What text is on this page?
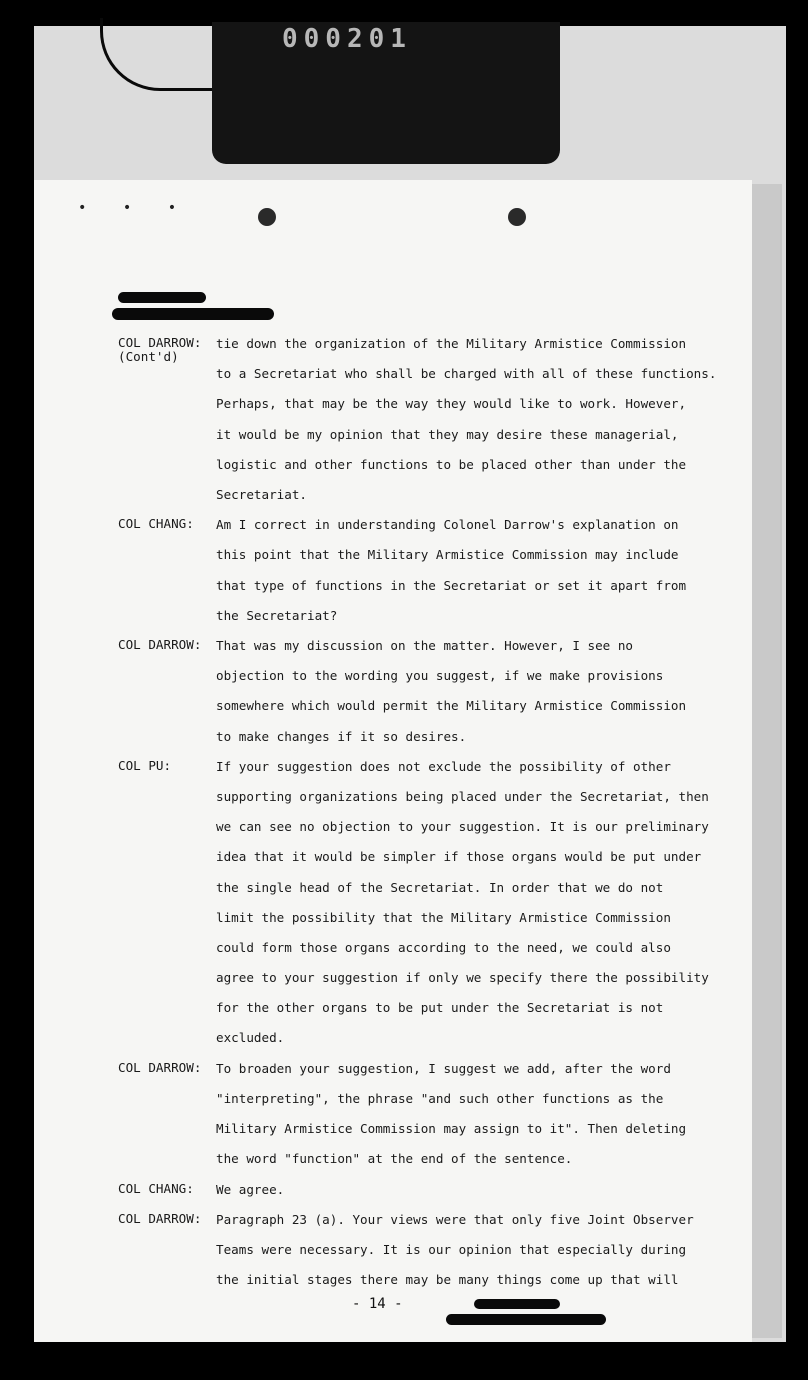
000201
• • •
COL DARROW:
(Cont'd)
tie down the organization of the Military Armistice Commission
to a Secretariat who shall be charged with all of these functions.
Perhaps, that may be the way they would like to work. However,
it would be my opinion that they may desire these managerial,
logistic and other functions to be placed other than under the
Secretariat.
COL CHANG: Am I correct in understanding Colonel Darrow's explanation on
this point that the Military Armistice Commission may include
that type of functions in the Secretariat or set it apart from
the Secretariat?
COL DARROW: That was my discussion on the matter. However, I see no
objection to the wording you suggest, if we make provisions
somewhere which would permit the Military Armistice Commission
to make changes if it so desires.
COL PU:	If your suggestion does not exclude the possibility of other
supporting organizations being placed under the Secretariat, then
we can see no objection to your suggestion. It is our preliminary
idea that it would be simpler if those organs would be put under
the single head of the Secretariat. In order that we do not
limit the possibility that the Military Armistice Commission
could form those organs according to the need, we could also
agree to your suggestion if only we specify there the possibility
for the other organs to be put under the Secretariat is not
excluded.
COL DARROW: To broaden your suggestion, I suggest we add, after the word
"interpreting", the phrase "and such other functions as the
Military Armistice Commission may assign to it". Then deleting
the word "function" at the end of the sentence.
COL CHANG: We agree.
COL DARROW: Paragraph 23 (a). Your views were that only five Joint Observer
Teams were necessary. It is our opinion that especially during
the initial stages there may be many things come up that will
- 14 -
